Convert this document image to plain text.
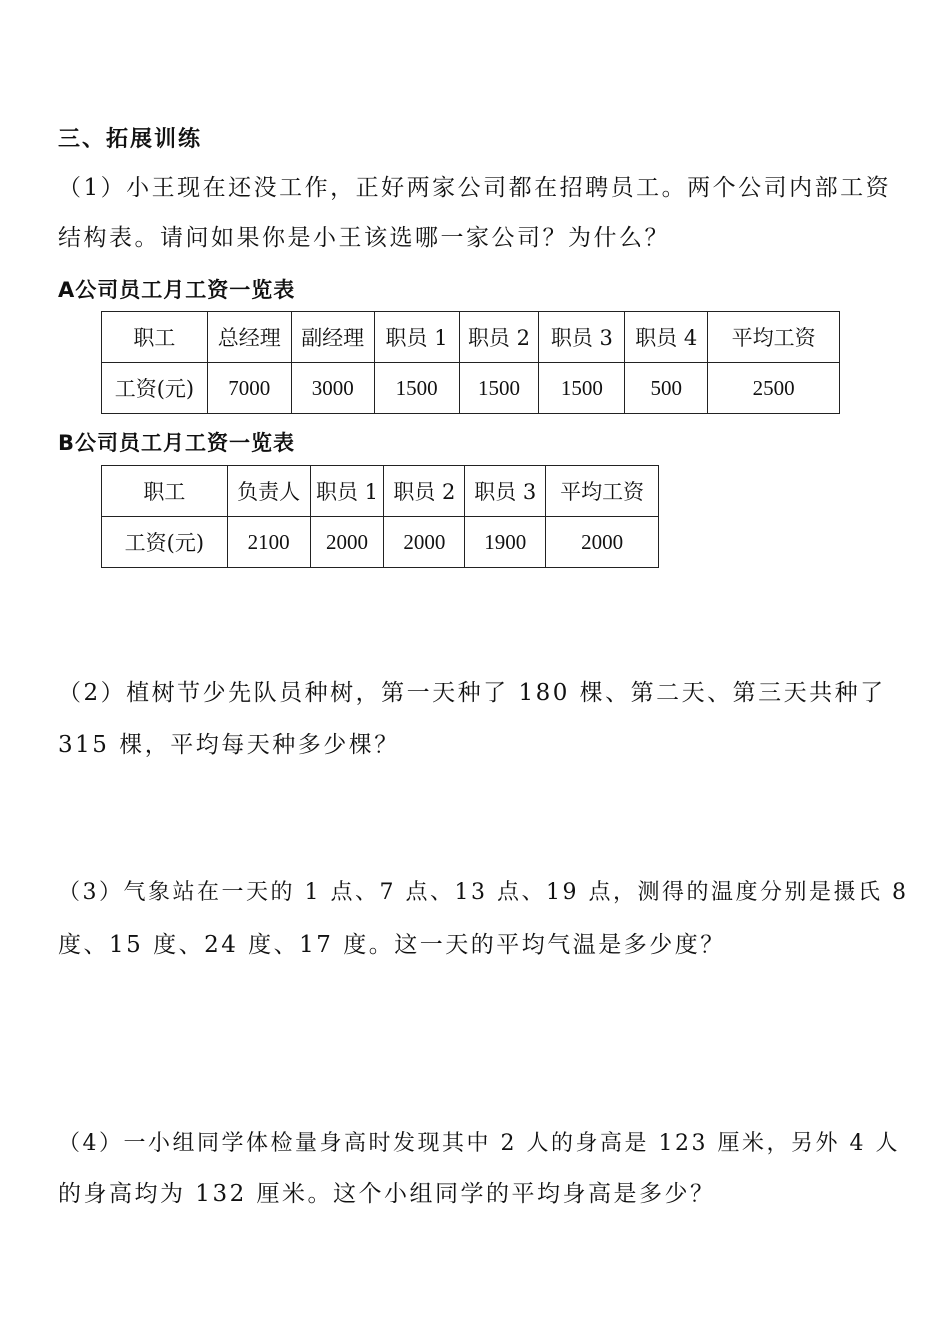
三、拓展训练
（1）小王现在还没工作，正好两家公司都在招聘员工。两个公司内部工资
结构表。请问如果你是小王该选哪一家公司？为什么？
A公司员工月工资一览表
职工	总经理	副经理	职员 1	职员 2	职员 3	职员 4	平均工资
工资(元)	7000	3000	1500	1500	1500	500	2500
B公司员工月工资一览表
职工	负责人	职员 1	职员 2	职员 3	平均工资
工资(元)	2100	2000	2000	1900	2000
（2）植树节少先队员种树，第一天种了 180 棵、第二天、第三天共种了
315 棵，平均每天种多少棵？
（3）气象站在一天的 1 点、7 点、13 点、19 点，测得的温度分别是摄氏 8
度、15 度、24 度、17 度。这一天的平均气温是多少度？
（4）一小组同学体检量身高时发现其中 2 人的身高是 123 厘米，另外 4 人
的身高均为 132 厘米。这个小组同学的平均身高是多少？
